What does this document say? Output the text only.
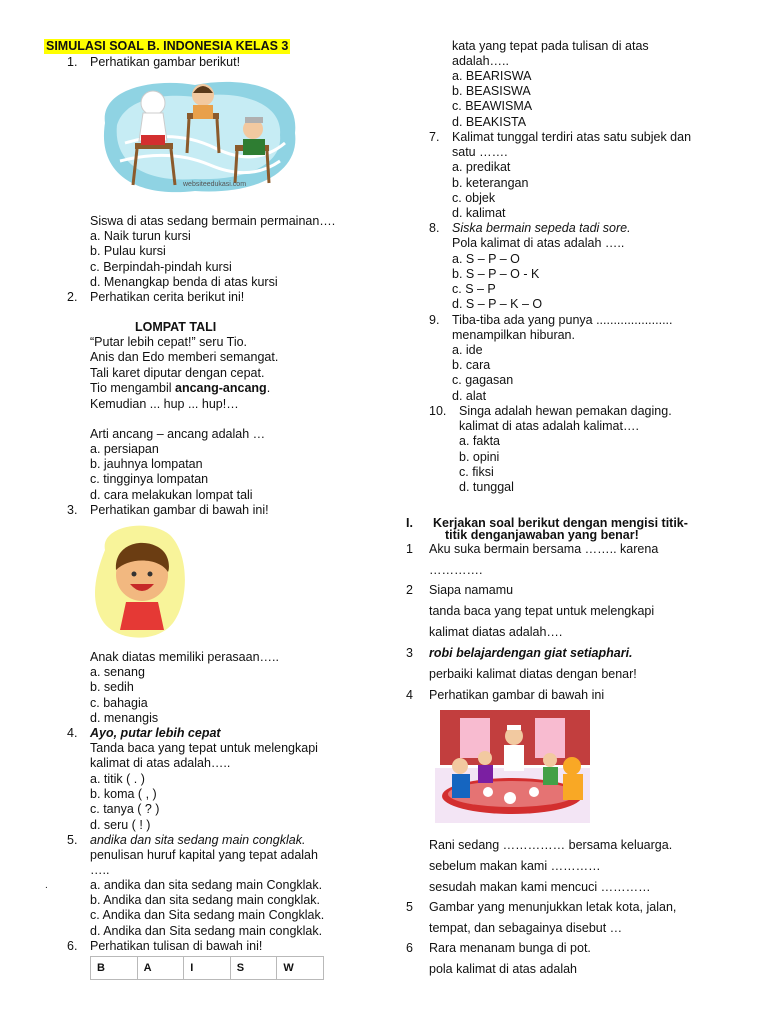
SIMULASI SOAL B. INDONESIA KELAS 3
1. Perhatikan gambar berikut!
websiteedukasi.com
Siswa di atas sedang bermain permainan….
a. Naik turun kursi
b. Pulau kursi
c. Berpindah-pindah kursi
d. Menangkap benda di atas kursi
2. Perhatikan cerita berikut ini!
LOMPAT TALI
“Putar lebih cepat!” seru Tio.
Anis dan Edo memberi semangat.
Tali karet diputar dengan cepat.
Tio mengambil ancang-ancang.
Kemudian ... hup ... hup!…
Arti ancang – ancang adalah …
a. persiapan
b. jauhnya lompatan
c. tingginya lompatan
d. cara melakukan lompat tali
3. Perhatikan gambar di bawah ini!
Anak diatas memiliki perasaan…..
a. senang
b. sedih
c. bahagia
d. menangis
4. Ayo, putar lebih cepat
Tanda baca yang tepat untuk melengkapi
kalimat di atas adalah…..
a. titik ( . )
b. koma ( , )
c. tanya ( ? )
d. seru ( ! )
5. andika dan sita sedang main congklak.
penulisan huruf kapital yang tepat adalah
…..
a. andika dan sita sedang main Congklak.
b. Andika dan sita sedang main congklak.
c. Andika dan Sita sedang main Congklak.
d. Andika dan Sita sedang main congklak.
.
6. Perhatikan tulisan di bawah ini!
B	A	I	S	W
kata yang tepat pada tulisan di atas
adalah…..
a. BEARISWA
b. BEASISWA
c. BEAWISMA
d. BEAKISTA
7. Kalimat tunggal terdiri atas satu subjek dan
satu …….
a. predikat
b. keterangan
c. objek
d. kalimat
8. Siska bermain sepeda tadi sore.
Pola kalimat di atas adalah …..
a. S – P – O
b. S – P – O - K
c. S – P
d. S – P – K – O
9. Tiba-tiba ada yang punya ......................
menampilkan hiburan.
a. ide
b. cara
c. gagasan
d. alat
10. Singa adalah hewan pemakan daging.
kalimat di atas adalah kalimat….
a. fakta
b. opini
c. fiksi
d. tunggal
I. Kerjakan soal berikut dengan mengisi titik-
titik denganjawaban yang benar!
1 Aku suka bermain bersama …….. karena
………….
2 Siapa namamu
tanda baca yang tepat untuk melengkapi
kalimat diatas adalah….
3 robi belajardengan giat setiaphari.
perbaiki kalimat diatas dengan benar!
4 Perhatikan gambar di bawah ini
Rani sedang …………… bersama keluarga.
sebelum makan kami …………
sesudah makan kami mencuci …………
5 Gambar yang menunjukkan letak kota, jalan,
tempat, dan sebagainya disebut …
6 Rara menanam bunga di pot.
pola kalimat di atas adalah
